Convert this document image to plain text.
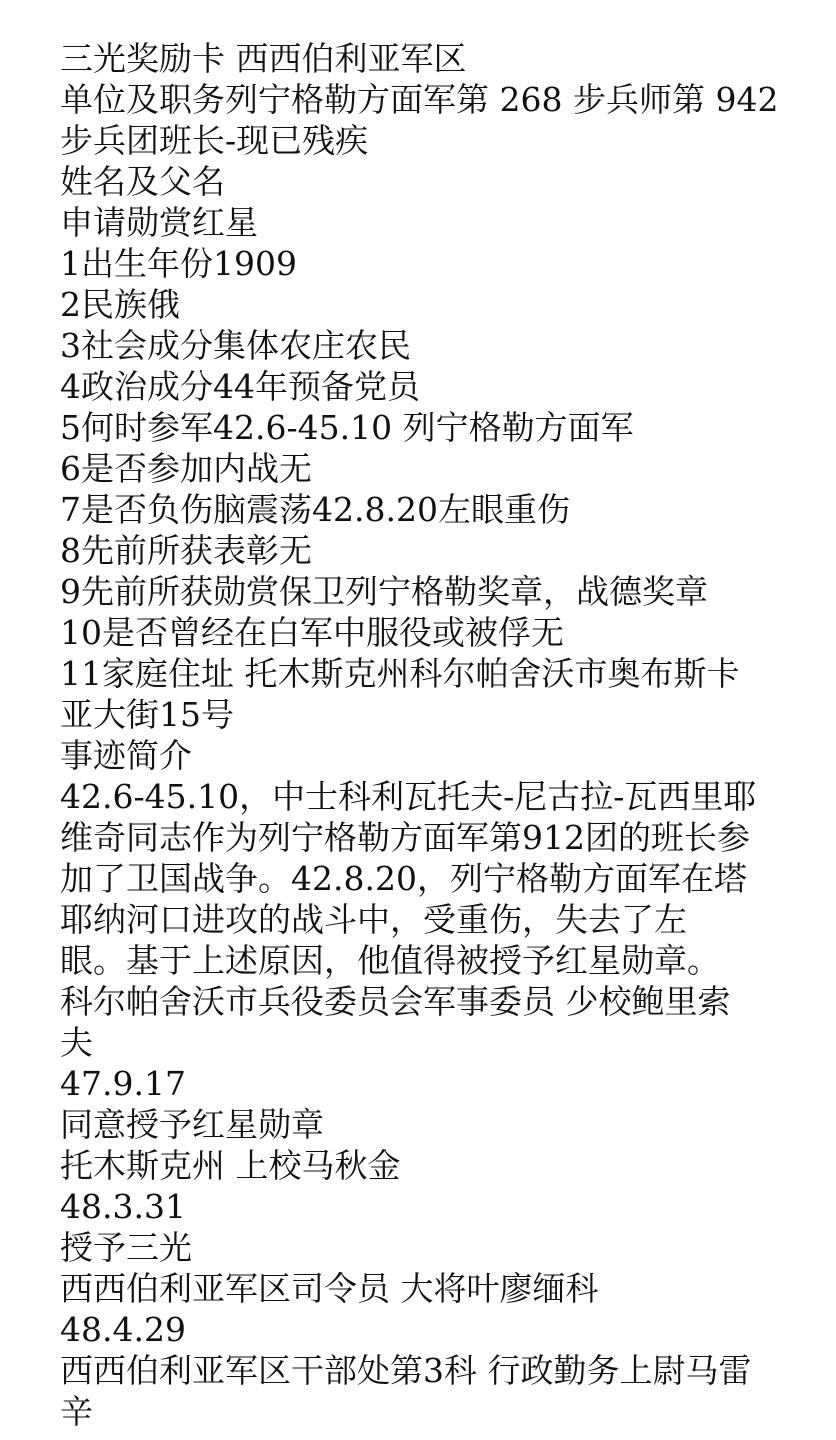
三光奖励卡 西西伯利亚军区
单位及职务列宁格勒方面军第 268 步兵师第 942
步兵团班长-现已残疾
姓名及父名
申请勋赏红星
1出生年份1909
2民族俄
3社会成分集体农庄农民
4政治成分44年预备党员
5何时参军42.6-45.10 列宁格勒方面军
6是否参加内战无
7是否负伤脑震荡42.8.20左眼重伤
8先前所获表彰无
9先前所获勋赏保卫列宁格勒奖章，战德奖章
10是否曾经在白军中服役或被俘无
11家庭住址 托木斯克州科尔帕舍沃市奥布斯卡
亚大街15号
事迹简介
42.6-45.10，中士科利瓦托夫-尼古拉-瓦西里耶
维奇同志作为列宁格勒方面军第912团的班长参
加了卫国战争。42.8.20，列宁格勒方面军在塔
耶纳河口进攻的战斗中，受重伤，失去了左
眼。基于上述原因，他值得被授予红星勋章。
科尔帕舍沃市兵役委员会军事委员 少校鲍里索
夫
47.9.17
同意授予红星勋章
托木斯克州 上校马秋金
48.3.31
授予三光
西西伯利亚军区司令员 大将叶廖缅科
48.4.29
西西伯利亚军区干部处第3科 行政勤务上尉马雷
辛
